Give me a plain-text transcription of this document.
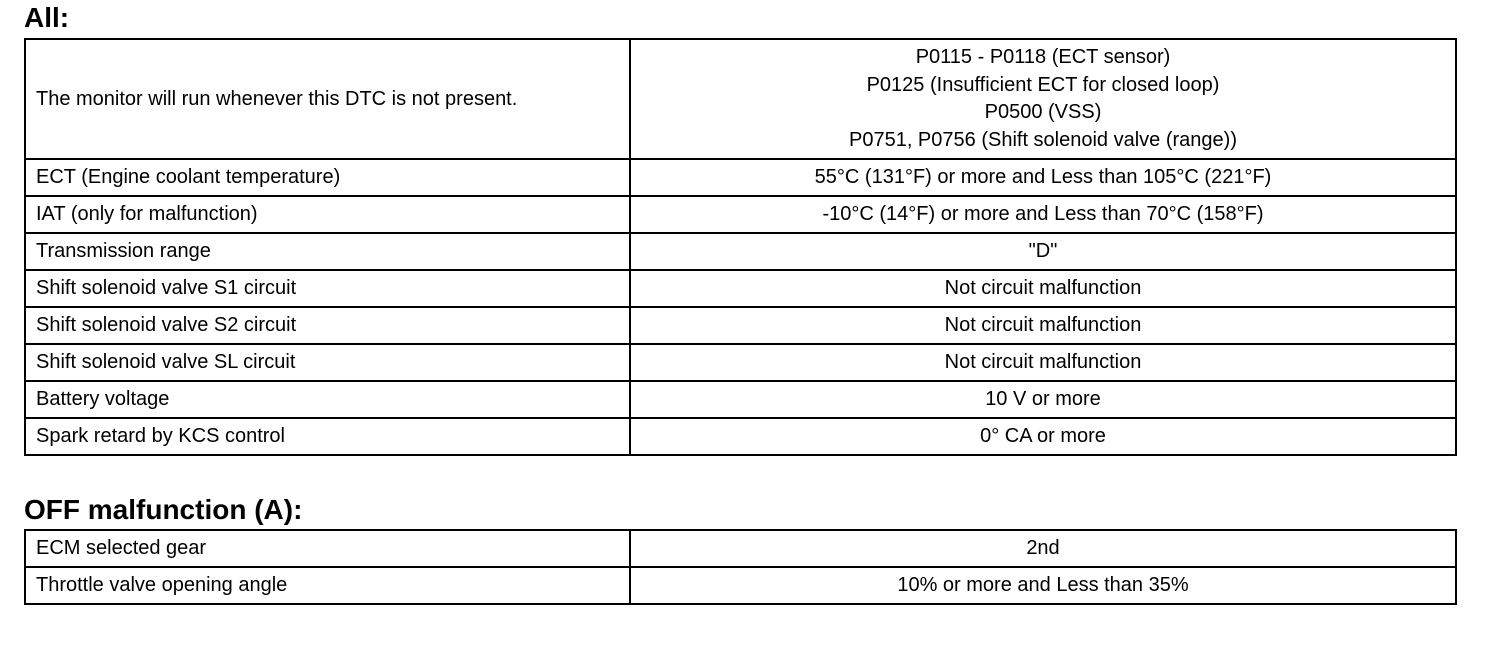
All:
The monitor will run whenever this DTC is not present.	P0115 - P0118 (ECT sensor)
P0125 (Insufficient ECT for closed loop)
P0500 (VSS)
P0751, P0756 (Shift solenoid valve (range))

ECT (Engine coolant temperature)	55°C (131°F) or more and Less than 105°C (221°F)
IAT (only for malfunction)	-10°C (14°F) or more and Less than 70°C (158°F)
Transmission range	"D"
Shift solenoid valve S1 circuit	Not circuit malfunction
Shift solenoid valve S2 circuit	Not circuit malfunction
Shift solenoid valve SL circuit	Not circuit malfunction
Battery voltage	10 V or more
Spark retard by KCS control	0° CA or more
OFF malfunction (A):
ECM selected gear	2nd
Throttle valve opening angle	10% or more and Less than 35%
